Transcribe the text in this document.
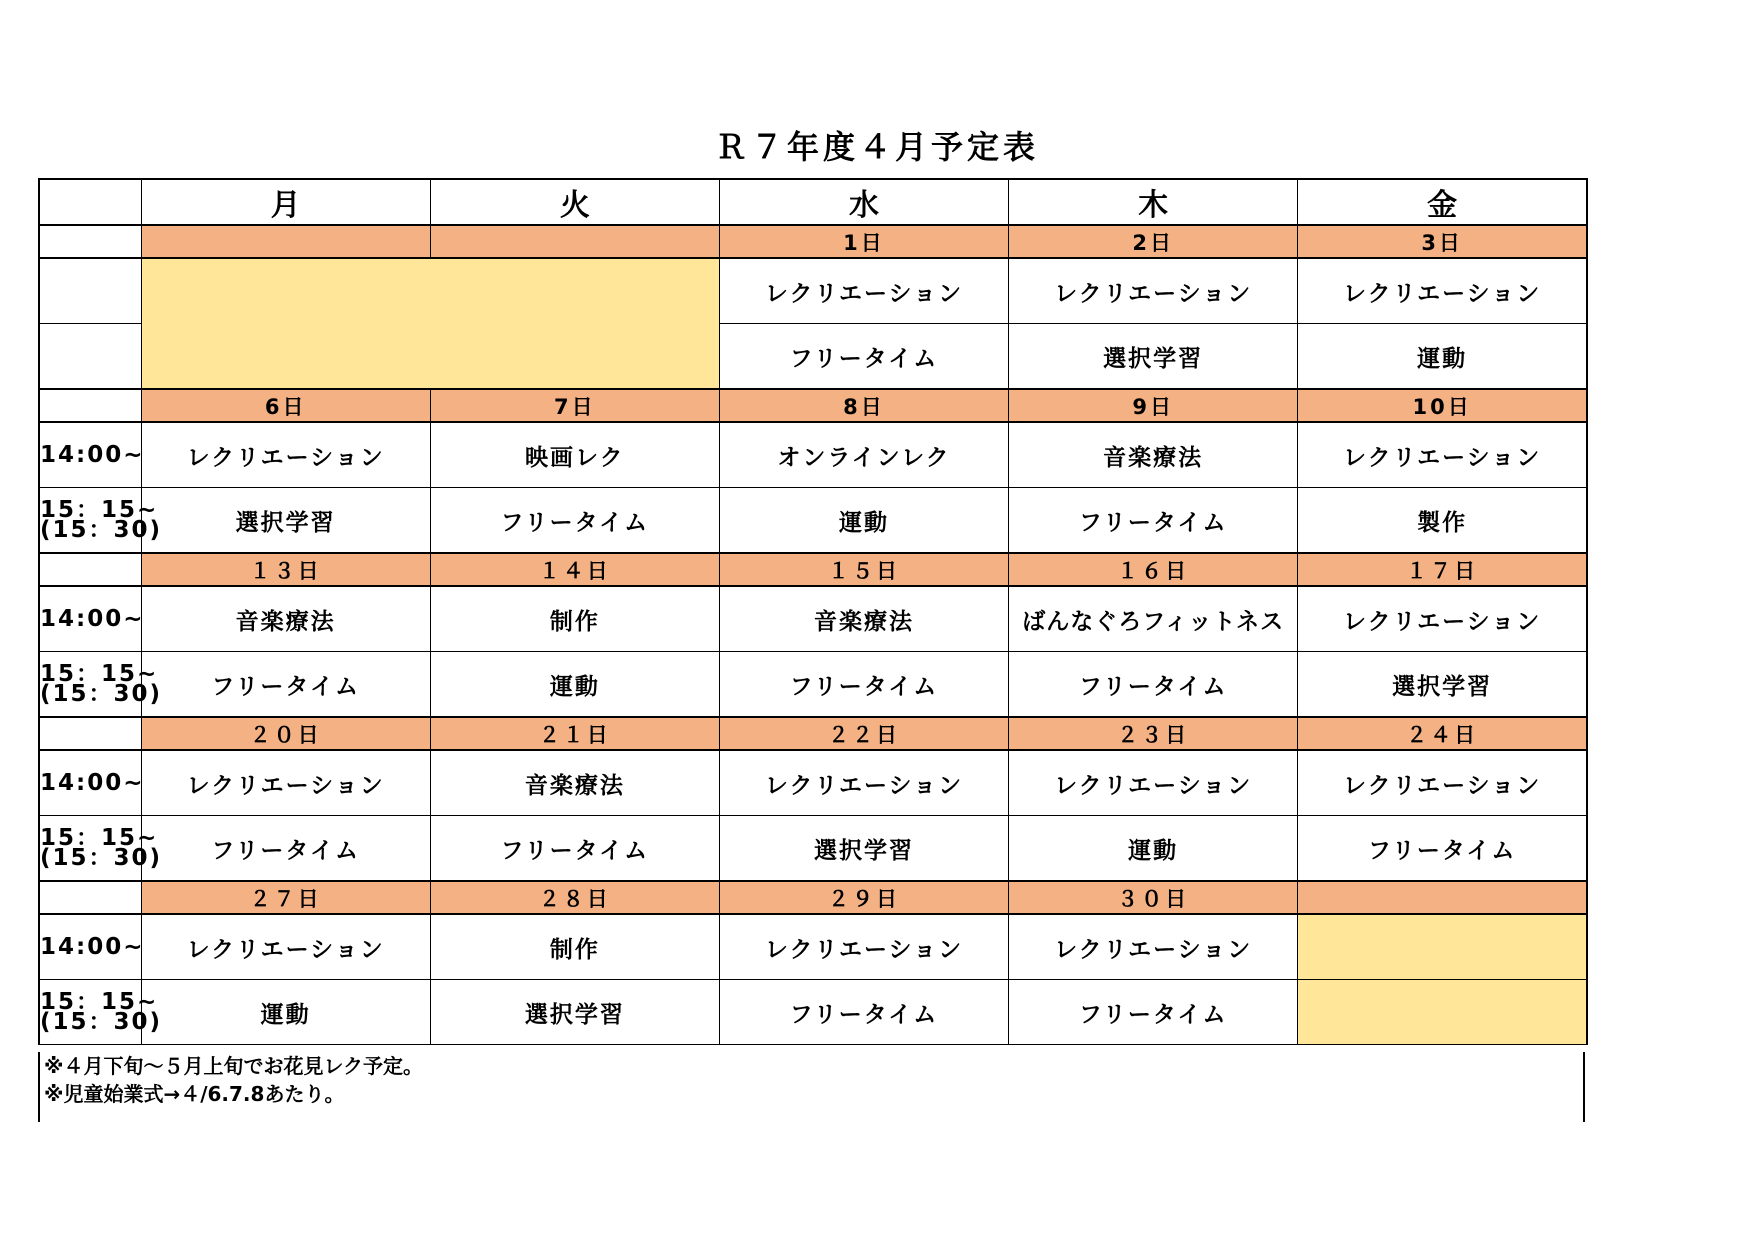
Ｒ７年度４月予定表
	月	火	水	木	金
			1日	2日	3日
			レクリエーション	レクリエーション	レクリエーション
			フリータイム	選択学習	運動
	6日	7日	8日	9日	10日
14:00~	レクリエーション	映画レク	オンラインレク	音楽療法	レクリエーション
15：15~
(15：30)	選択学習	フリータイム	運動	フリータイム	製作
	１３日	１４日	１５日	１６日	１７日
14:00~	音楽療法	制作	音楽療法	ばんなぐろフィットネス	レクリエーション
15：15~
(15：30)	フリータイム	運動	フリータイム	フリータイム	選択学習
	２０日	２１日	２２日	２３日	２４日
14:00~	レクリエーション	音楽療法	レクリエーション	レクリエーション	レクリエーション
15：15~
(15：30)	フリータイム	フリータイム	選択学習	運動	フリータイム
	２７日	２８日	２９日	３０日	
14:00~	レクリエーション	制作	レクリエーション	レクリエーション	
15：15~
(15：30)	運動	選択学習	フリータイム	フリータイム	
※４月下旬～５月上旬でお花見レク予定。
※児童始業式→４/6.7.8あたり。
